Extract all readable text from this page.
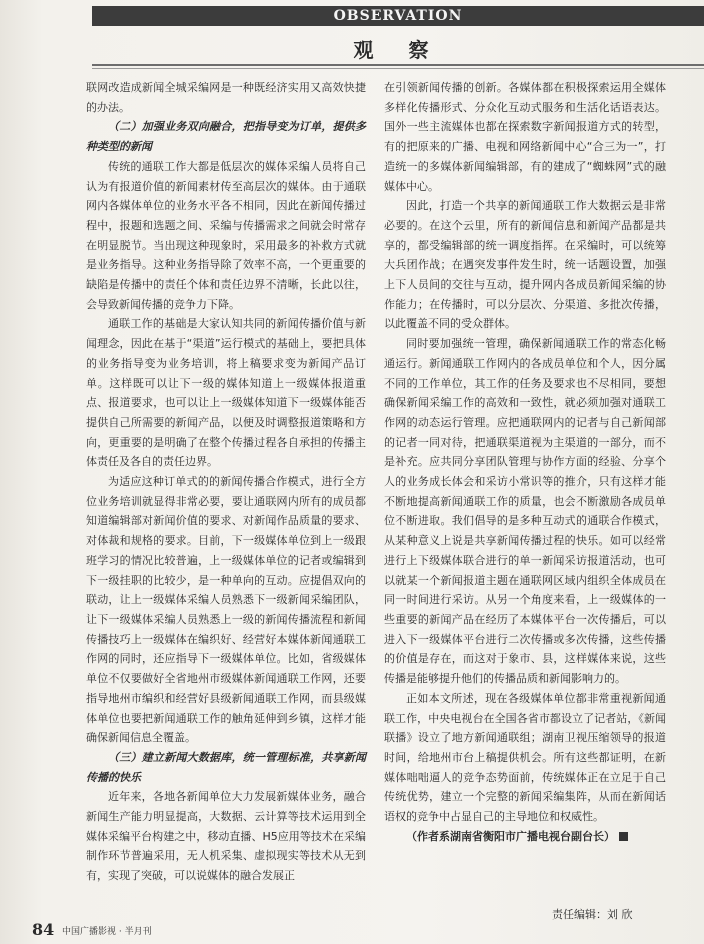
OBSERVATION
观 察

联网改造成新闻全城采编网是一种既经济实用又高效快捷的办法。

（二）加强业务双向融合，把指导变为订单，提供多种类型的新闻

传统的通联工作大都是低层次的媒体采编人员将自己认为有报道价值的新闻素材传至高层次的媒体。由于通联网内各媒体单位的业务水平各不相同，因此在新闻传播过程中，报题和选题之间、采编与传播需求之间就会时常存在明显脱节。当出现这种现象时，采用最多的补救方式就是业务指导。这种业务指导除了效率不高，一个更重要的缺陷是传播中的责任个体和责任边界不清晰，长此以往，会导致新闻传播的竞争力下降。

通联工作的基础是大家认知共同的新闻传播价值与新闻理念，因此在基于“渠道”运行模式的基础上，要把具体的业务指导变为业务培训，将上稿要求变为新闻产品订单。这样既可以让下一级的媒体知道上一级媒体报道重点、报道要求，也可以让上一级媒体知道下一级媒体能否提供自己所需要的新闻产品，以便及时调整报道策略和方向，更重要的是明确了在整个传播过程各自承担的传播主体责任及各自的责任边界。

为适应这种订单式的的新闻传播合作模式，进行全方位业务培训就显得非常必要，要让通联网内所有的成员都知道编辑部对新闻价值的要求、对新闻作品质量的要求、对体裁和规格的要求。目前，下一级媒体单位到上一级跟班学习的情况比较普遍，上一级媒体单位的记者或编辑到下一级挂职的比较少，是一种单向的互动。应提倡双向的联动，让上一级媒体采编人员熟悉下一级新闻采编团队，让下一级媒体采编人员熟悉上一级的新闻传播流程和新闻传播技巧上一级媒体在编织好、经营好本媒体新闻通联工作网的同时，还应指导下一级媒体单位。比如，省级媒体单位不仅要做好全省地州市级媒体新闻通联工作网，还要指导地州市编织和经营好县级新闻通联工作网，而县级媒体单位也要把新闻通联工作的触角延伸到乡镇，这样才能确保新闻信息全覆盖。

（三）建立新闻大数据库，统一管理标准，共享新闻传播的快乐

近年来，各地各新闻单位大力发展新媒体业务，融合新闻生产能力明显提高，大数据、云计算等技术运用到全媒体采编平台构建之中，移动直播、H5应用等技术在采编制作环节普遍采用，无人机采集、虚拟现实等技术从无到有，实现了突破，可以说媒体的融合发展正

在引领新闻传播的创新。各媒体都在积极探索运用全媒体多样化传播形式、分众化互动式服务和生活化话语表达。国外一些主流媒体也都在探索数字新闻报道方式的转型，有的把原来的广播、电视和网络新闻中心“合三为一”，打造统一的多媒体新闻编辑部，有的建成了“蜘蛛网”式的融媒体中心。

因此，打造一个共享的新闻通联工作大数据云是非常必要的。在这个云里，所有的新闻信息和新闻产品都是共享的，都受编辑部的统一调度指挥。在采编时，可以统筹大兵团作战；在遇突发事件发生时，统一话题设置，加强上下人员间的交往与互动，提升网内各成员新闻采编的协作能力；在传播时，可以分层次、分渠道、多批次传播，以此覆盖不同的受众群体。

同时要加强统一管理，确保新闻通联工作的常态化畅通运行。新闻通联工作网内的各成员单位和个人，因分属不同的工作单位，其工作的任务及要求也不尽相同，要想确保新闻采编工作的高效和一致性，就必须加强对通联工作网的动态运行管理。应把通联网内的记者与自己新闻部的记者一同对待，把通联渠道视为主渠道的一部分，而不是补充。应共同分享团队管理与协作方面的经验、分享个人的业务成长体会和采访小常识等的推介，只有这样才能不断地提高新闻通联工作的质量，也会不断激励各成员单位不断进取。我们倡导的是多种互动式的通联合作模式，从某种意义上说是共享新闻传播过程的快乐。如可以经常进行上下级媒体联合进行的单一新闻采访报道活动，也可以就某一个新闻报道主题在通联网区域内组织全体成员在同一时间进行采访。从另一个角度来看，上一级媒体的一些重要的新闻产品在经历了本媒体平台一次传播后，可以进入下一级媒体平台进行二次传播或多次传播，这些传播的价值是存在，而这对于象市、县，这样媒体来说，这些传播是能够提升他们的传播品质和新闻影响力的。

正如本文所述，现在各级媒体单位都非常重视新闻通联工作，中央电视台在全国各省市都设立了记者站，《新闻联播》设立了地方新闻通联组；湖南卫视压缩领导的报道时间，给地州市台上稿提供机会。所有这些都证明，在新媒体咄咄逼人的竞争态势面前，传统媒体正在立足于自己传统优势，建立一个完整的新闻采编集阵，从而在新闻话语权的竞争中占显自己的主导地位和权威性。

（作者系湖南省衡阳市广播电视台副台长）

责任编辑：刘 欣
84 中国广播影视 · 半月刊
